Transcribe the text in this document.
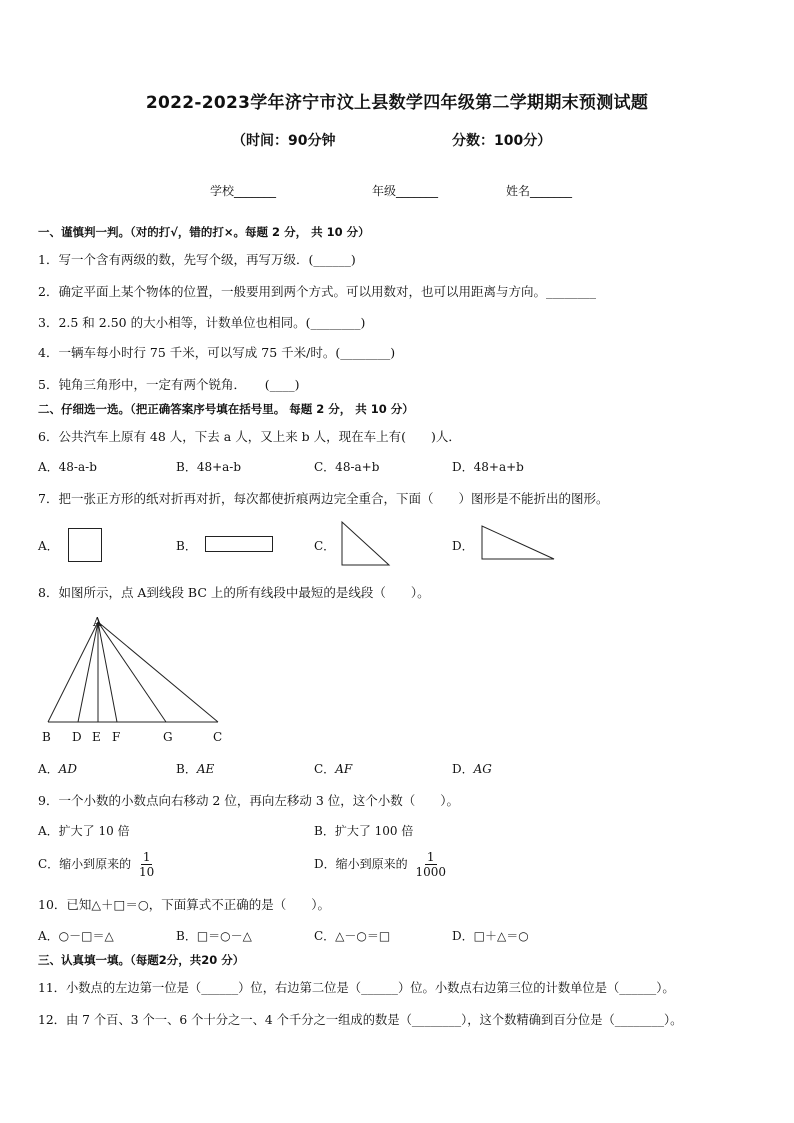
2022-2023学年济宁市汶上县数学四年级第二学期期末预测试题
（时间：90分钟	分数：100分）
学校_______	年级_______	姓名_______
一、谨慎判一判。（对的打√，错的打×。每题 2 分， 共 10 分）
1．写一个含有两级的数，先写个级，再写万级．(______)
2．确定平面上某个物体的位置，一般要用到两个方式。可以用数对，也可以用距离与方向。________
3．2.5 和 2.50 的大小相等，计数单位也相同。(________)
4．一辆车每小时行 75 千米，可以写成 75 千米/时。(________)
5．钝角三角形中，一定有两个锐角．　　(____)
二、仔细选一选。（把正确答案序号填在括号里。 每题 2 分， 共 10 分）
6．公共汽车上原有 48 人，下去 a 人，又上来 b 人，现在车上有(　　)人．
A．48-a-b	B．48+a-b	C．48-a+b	D．48+a+b
7．把一张正方形的纸对折再对折，每次都使折痕两边完全重合，下面（　　）图形是不能折出的图形。
A．	B．	C．	D．
8．如图所示，点 A到线段 BC 上的所有线段中最短的是线段（　　）。
A
B D E F	G	C
A．AD	B．AE	C．AF	D．AG
9．一个小数的小数点向右移动 2 位，再向左移动 3 位，这个小数（　　）。
A．扩大了 10 倍	B．扩大了 100 倍
C．缩小到原来的 $\frac{1}{10}$	D．缩小到原来的 $\frac{1}{1000}$
10．已知△＋□＝○，下面算式不正确的是（　　）。
A．○－□＝△	B．□＝○－△	C．△－○＝□	D．□＋△＝○
三、认真填一填。（每题2分，共20 分）
11．小数点的左边第一位是（______）位，右边第二位是（______）位。小数点右边第三位的计数单位是（______）。
12．由 7 个百、3 个一、6 个十分之一、4 个千分之一组成的数是（________），这个数精确到百分位是（________）。
